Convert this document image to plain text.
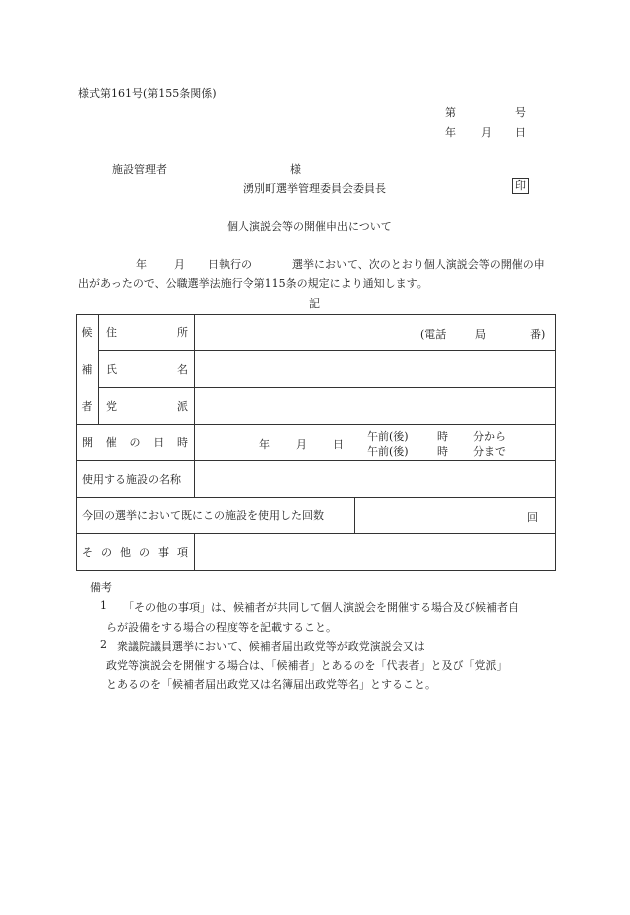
様式第161号(第155条関係)
第	号
年 月 日
施設管理者	様
湧別町選挙管理委員会委員長	印
個人演説会等の開催申出について
年 月 日執行の	選挙において、次のとおり個人演説会等の開催の申
出があったので、公職選挙法施行令第115条の規定により通知します。
記
候
補
者
住	所	(電話	局	番)
氏	名
党	派
開 催 の 日 時	年 月 日
午前(後)	時 分から
午前(後)	時 分まで
使用する施設の名称
今回の選挙において既にこの施設を使用した回数	回
そ の 他 の 事 項
備考
1 「その他の事項」は、候補者が共同して個人演説会を開催する場合及び候補者自
らが設備をする場合の程度等を記載すること。
2 衆議院議員選挙において、候補者届出政党等が政党演説会又は
政党等演説会を開催する場合は、「候補者」とあるのを「代表者」と及び「党派」
とあるのを「候補者届出政党又は名簿届出政党等名」とすること。
